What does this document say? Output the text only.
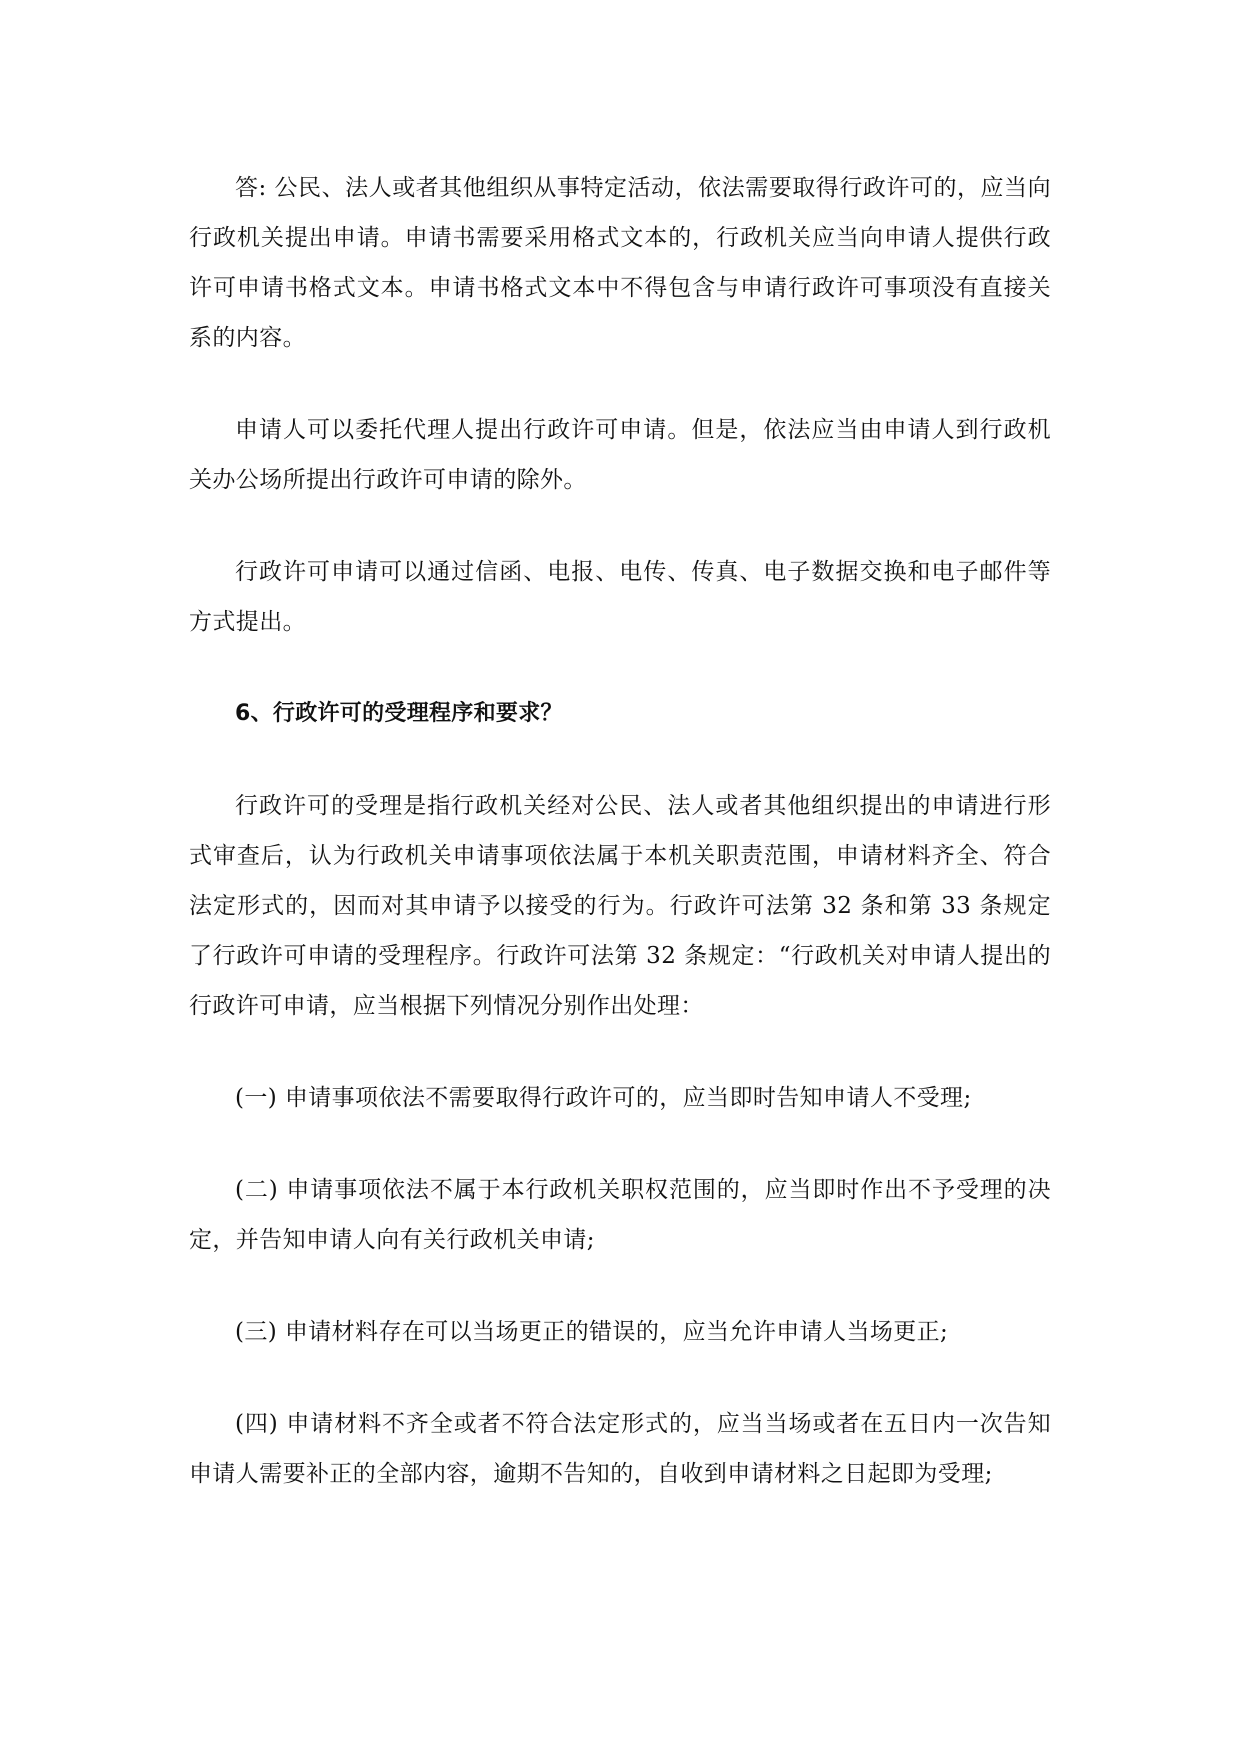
答: 公民、法人或者其他组织从事特定活动，依法需要取得行政许可的，应当向行政机关提出申请。申请书需要采用格式文本的，行政机关应当向申请人提供行政许可申请书格式文本。申请书格式文本中不得包含与申请行政许可事项没有直接关系的内容。

申请人可以委托代理人提出行政许可申请。但是，依法应当由申请人到行政机关办公场所提出行政许可申请的除外。

行政许可申请可以通过信函、电报、电传、传真、电子数据交换和电子邮件等方式提出。

6、行政许可的受理程序和要求？

行政许可的受理是指行政机关经对公民、法人或者其他组织提出的申请进行形式审查后，认为行政机关申请事项依法属于本机关职责范围，申请材料齐全、符合法定形式的，因而对其申请予以接受的行为。行政许可法第 32 条和第 33 条规定了行政许可申请的受理程序。行政许可法第 32 条规定：“行政机关对申请人提出的行政许可申请，应当根据下列情况分别作出处理：

(一) 申请事项依法不需要取得行政许可的，应当即时告知申请人不受理;

(二) 申请事项依法不属于本行政机关职权范围的，应当即时作出不予受理的决定，并告知申请人向有关行政机关申请;

(三) 申请材料存在可以当场更正的错误的，应当允许申请人当场更正;

(四) 申请材料不齐全或者不符合法定形式的，应当当场或者在五日内一次告知申请人需要补正的全部内容，逾期不告知的，自收到申请材料之日起即为受理;
